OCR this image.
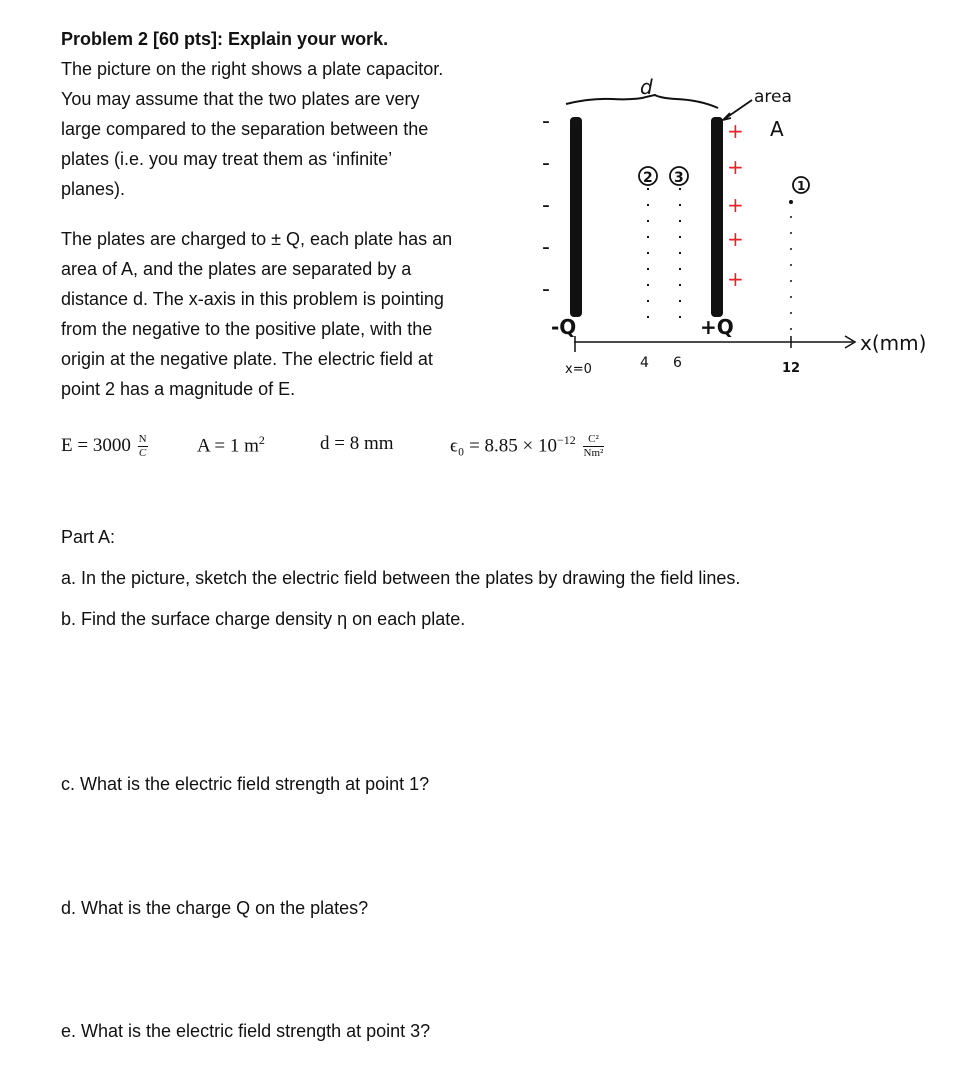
Problem 2 [60 pts]: Explain your work.
The picture on the right shows a plate capacitor.
You may assume that the two plates are very
large compared to the separation between the
plates (i.e. you may treat them as ‘infinite’
planes).
The plates are charged to ± Q, each plate has an
area of A, and the plates are separated by a
distance d. The x-axis in this problem is pointing
from the negative to the positive plate, with the
origin at the negative plate. The electric field at
point 2 has a magnitude of E.
$E = 3000 \frac{N}{C}$	A = 1 $m^2$	d = 8 mm	$\epsilon_0 = 8.85 \times 10^{-12} \frac{\text{C²}}{\text{Nm²}}$
Part A:
a. In the picture, sketch the electric field between the plates by drawing the field lines.
b. Find the surface charge density η on each plate.
c. What is the electric field strength at point 1?
d. What is the charge Q on the plates?
e. What is the electric field strength at point 3?
d	area
A
-
-
-
-
-
+
+
+
+
+
-Q	+Q
2 3	1
x(mm)
x=0	4 6	12
